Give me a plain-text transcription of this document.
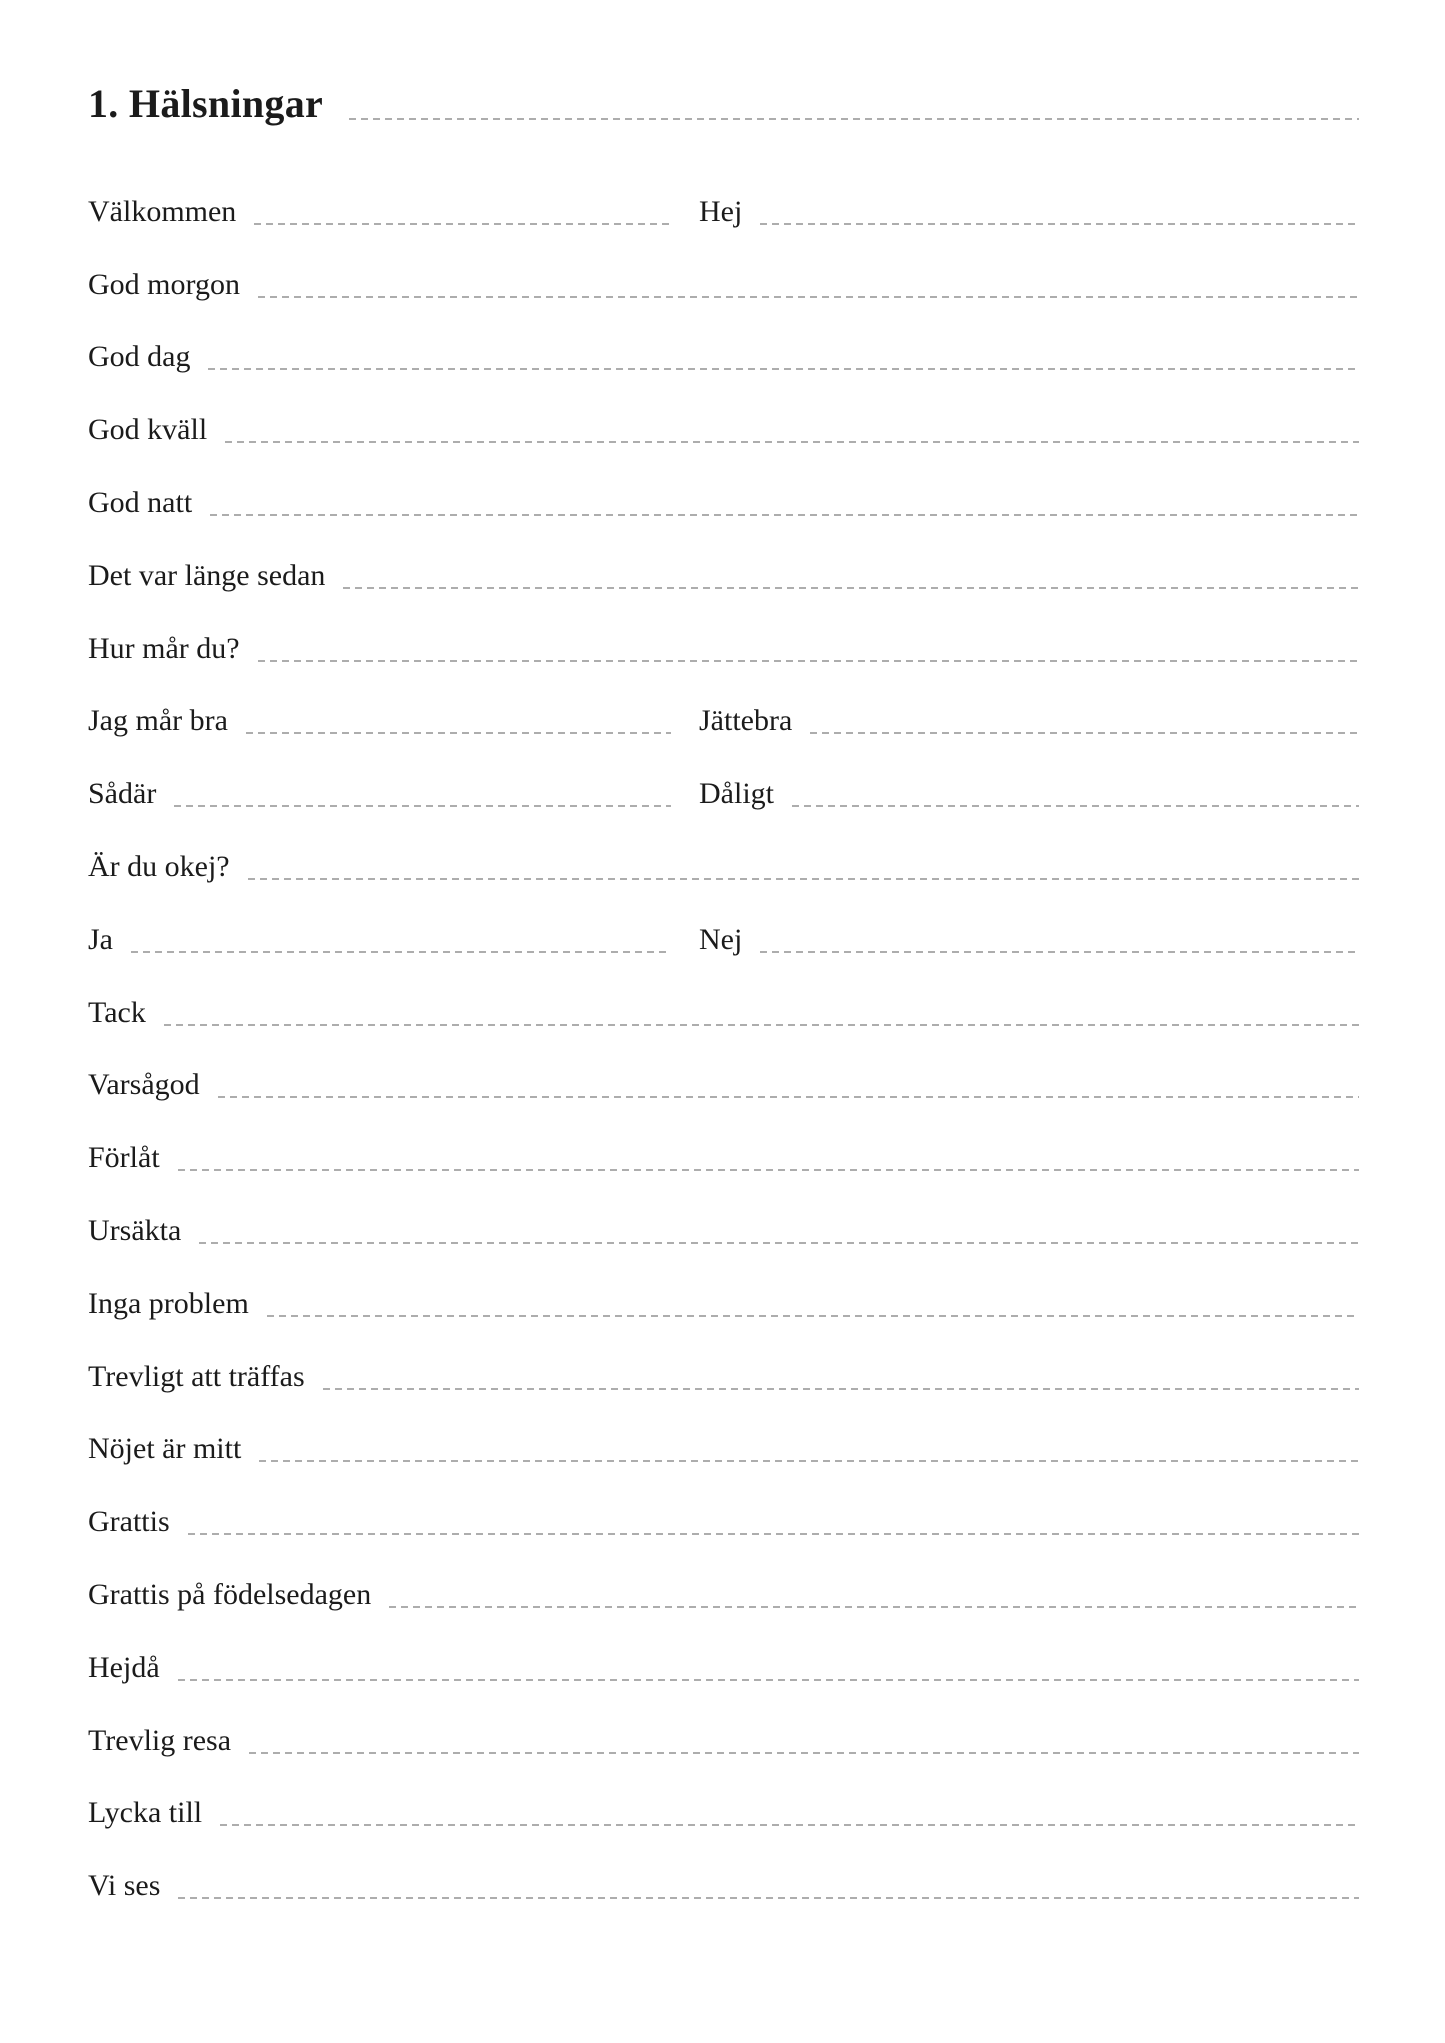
1. Hälsningar
Välkommen	Hej
God morgon
God dag
God kväll
God natt
Det var länge sedan
Hur mår du?
Jag mår bra	Jättebra
Sådär	Dåligt
Är du okej?
Ja	Nej
Tack
Varsågod
Förlåt
Ursäkta
Inga problem
Trevligt att träffas
Nöjet är mitt
Grattis
Grattis på födelsedagen
Hejdå
Trevlig resa
Lycka till
Vi ses
